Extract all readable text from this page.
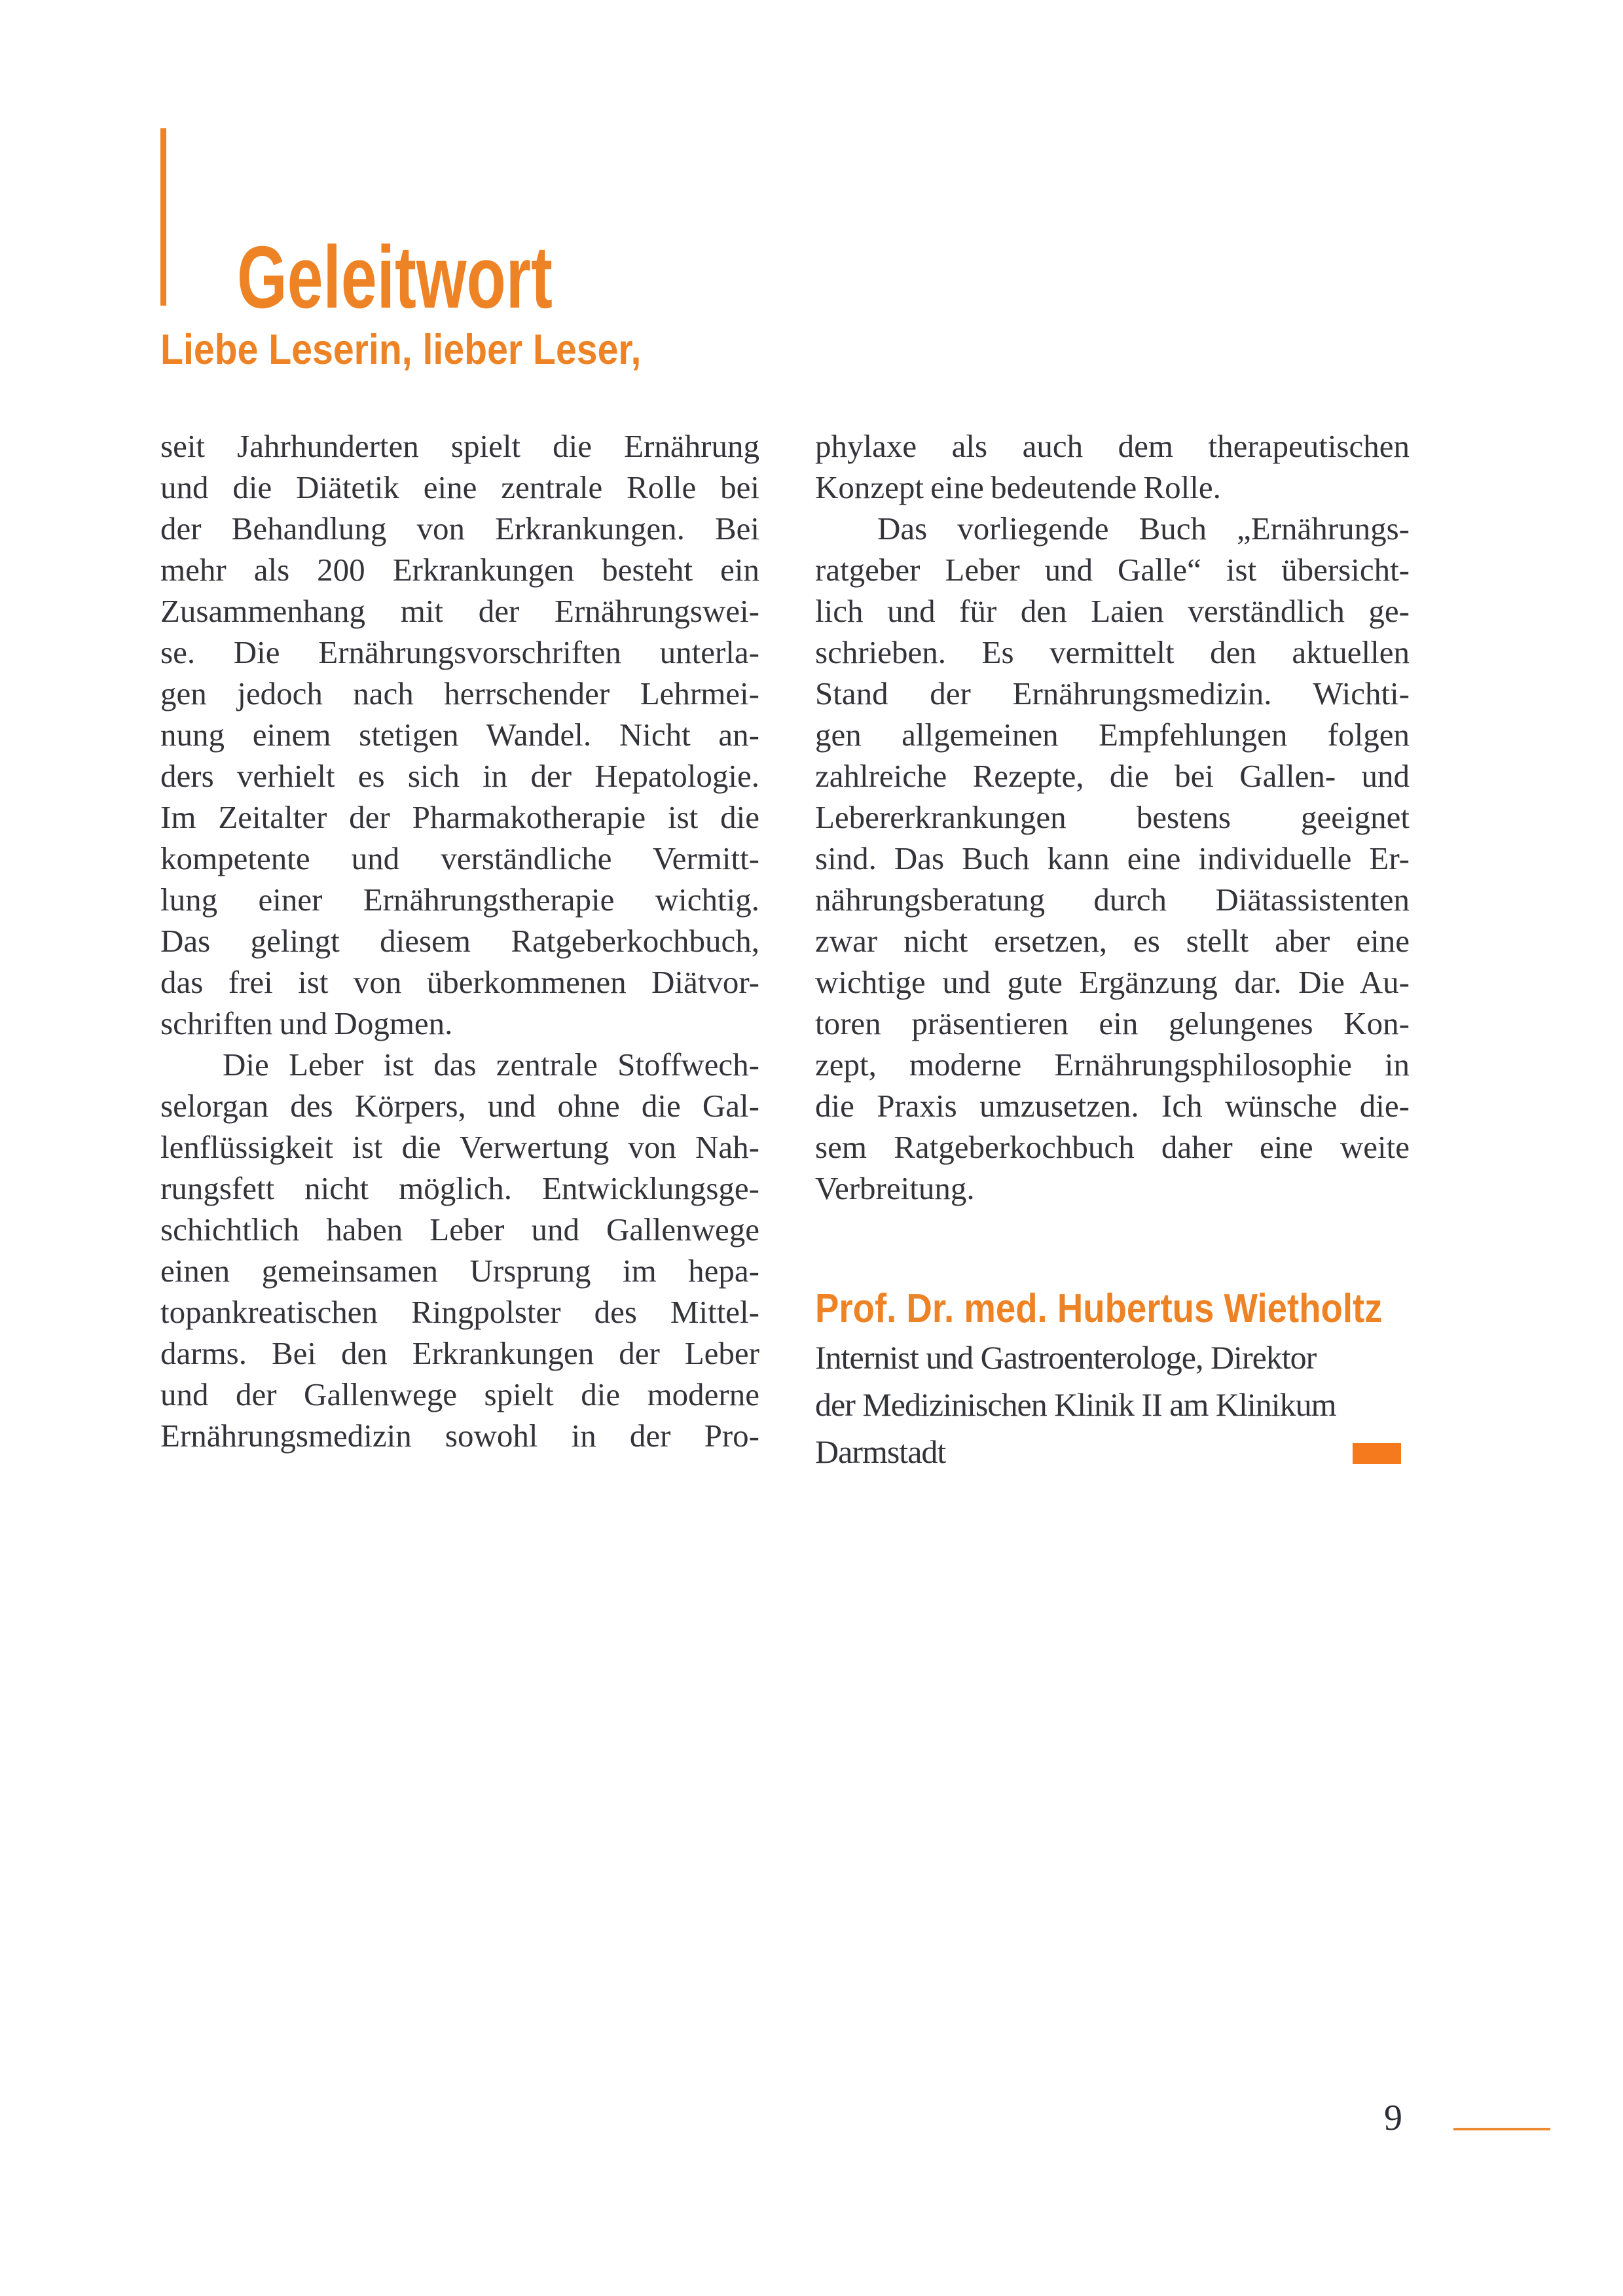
Geleitwort
Liebe Leserin, lieber Leser,
seit Jahrhunderten spielt die Ernährung
und die Diätetik eine zentrale Rolle bei
der Behandlung von Erkrankungen. Bei
mehr als 200 Erkrankungen besteht ein
Zusammenhang mit der Ernährungswei-
se. Die Ernährungsvorschriften unterla-
gen jedoch nach herrschender Lehrmei-
nung einem stetigen Wandel. Nicht an-
ders verhielt es sich in der Hepatologie.
Im Zeitalter der Pharmakotherapie ist die
kompetente und verständliche Vermitt-
lung einer Ernährungstherapie wichtig.
Das gelingt diesem Ratgeberkochbuch,
das frei ist von überkommenen Diätvor-
schriften und Dogmen.
Die Leber ist das zentrale Stoffwech-
selorgan des Körpers, und ohne die Gal-
lenflüssigkeit ist die Verwertung von Nah-
rungsfett nicht möglich. Entwicklungsge-
schichtlich haben Leber und Gallenwege
einen gemeinsamen Ursprung im hepa-
topankreatischen Ringpolster des Mittel-
darms. Bei den Erkrankungen der Leber
und der Gallenwege spielt die moderne
Ernährungsmedizin sowohl in der Pro-
phylaxe als auch dem therapeutischen
Konzept eine bedeutende Rolle.
Das vorliegende Buch „Ernährungs-
ratgeber Leber und Galle“ ist übersicht-
lich und für den Laien verständlich ge-
schrieben. Es vermittelt den aktuellen
Stand der Ernährungsmedizin. Wichti-
gen allgemeinen Empfehlungen folgen
zahlreiche Rezepte, die bei Gallen- und
Lebererkrankungen bestens geeignet
sind. Das Buch kann eine individuelle Er-
nährungsberatung durch Diätassistenten
zwar nicht ersetzen, es stellt aber eine
wichtige und gute Ergänzung dar. Die Au-
toren präsentieren ein gelungenes Kon-
zept, moderne Ernährungsphilosophie in
die Praxis umzusetzen. Ich wünsche die-
sem Ratgeberkochbuch daher eine weite
Verbreitung.
Prof. Dr. med. Hubertus Wietholtz
Internist und Gastroenterologe, Direktor
der Medizinischen Klinik II am Klinikum
Darmstadt
9
